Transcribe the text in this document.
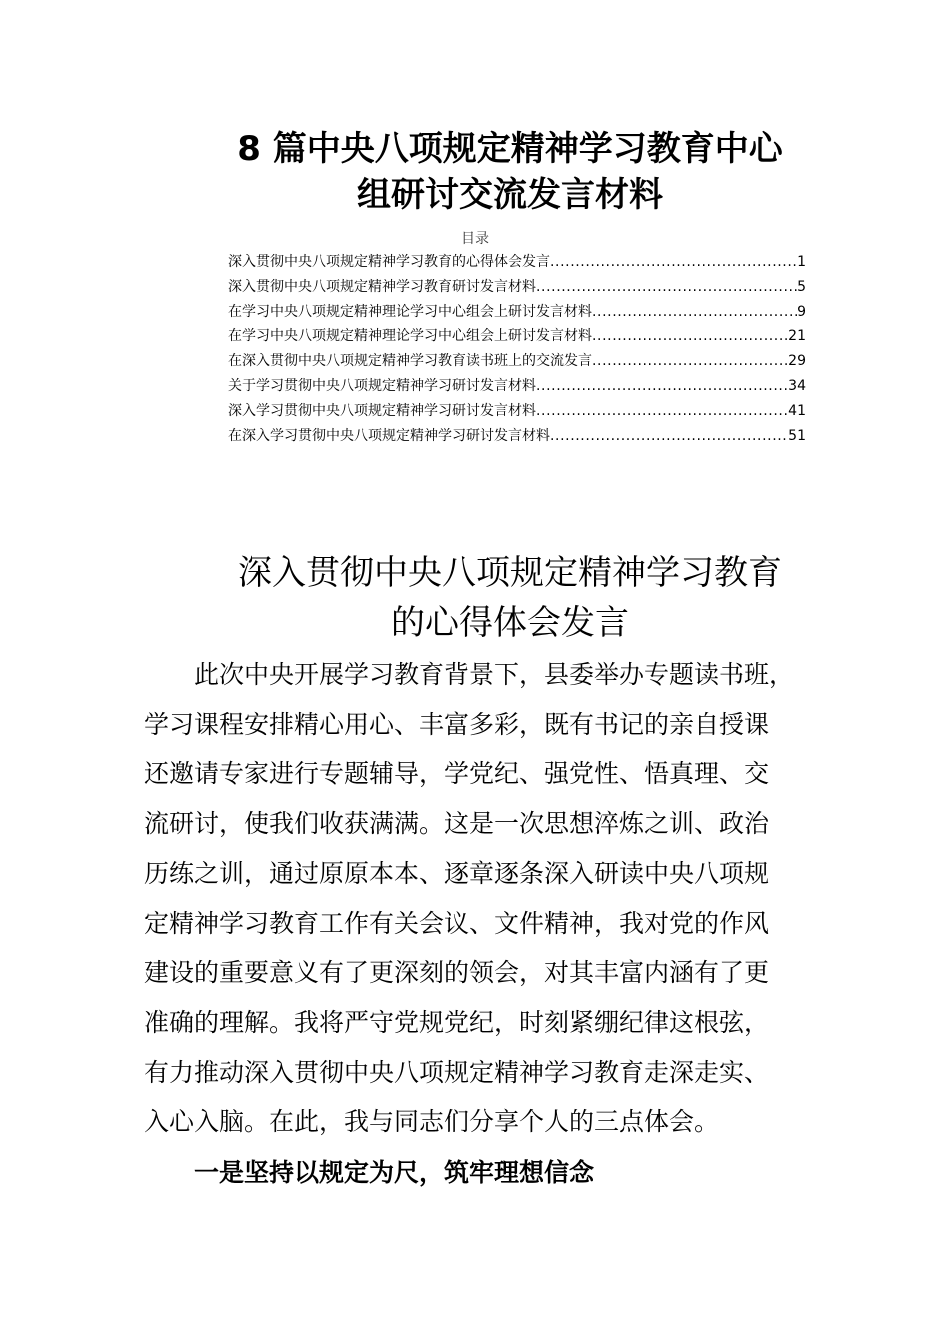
8 篇中央八项规定精神学习教育中心
组研讨交流发言材料
目录
深入贯彻中央八项规定精神学习教育的心得体会发言 .....	1
深入贯彻中央八项规定精神学习教育研讨发言材料 .....	5
在学习中央八项规定精神理论学习中心组会上研讨发言材料 .....	9
在学习中央八项规定精神理论学习中心组会上研讨发言材料 .....	21
在深入贯彻中央八项规定精神学习教育读书班上的交流发言 .....	29
关于学习贯彻中央八项规定精神学习研讨发言材料 .....	34
深入学习贯彻中央八项规定精神学习研讨发言材料 .....	41
在深入学习贯彻中央八项规定精神学习研讨发言材料 .....	51
深入贯彻中央八项规定精神学习教育
的心得体会发言
此次中央开展学习教育背景下，县委举办专题读书班，
学习课程安排精心用心、丰富多彩，既有书记的亲自授课
还邀请专家进行专题辅导，学党纪、强党性、悟真理、交
流研讨，使我们收获满满。这是一次思想淬炼之训、政治
历练之训，通过原原本本、逐章逐条深入研读中央八项规
定精神学习教育工作有关会议、文件精神，我对党的作风
建设的重要意义有了更深刻的领会，对其丰富内涵有了更
准确的理解。我将严守党规党纪，时刻紧绷纪律这根弦，
有力推动深入贯彻中央八项规定精神学习教育走深走实、
入心入脑。在此，我与同志们分享个人的三点体会。
一是坚持以规定为尺，筑牢理想信念
